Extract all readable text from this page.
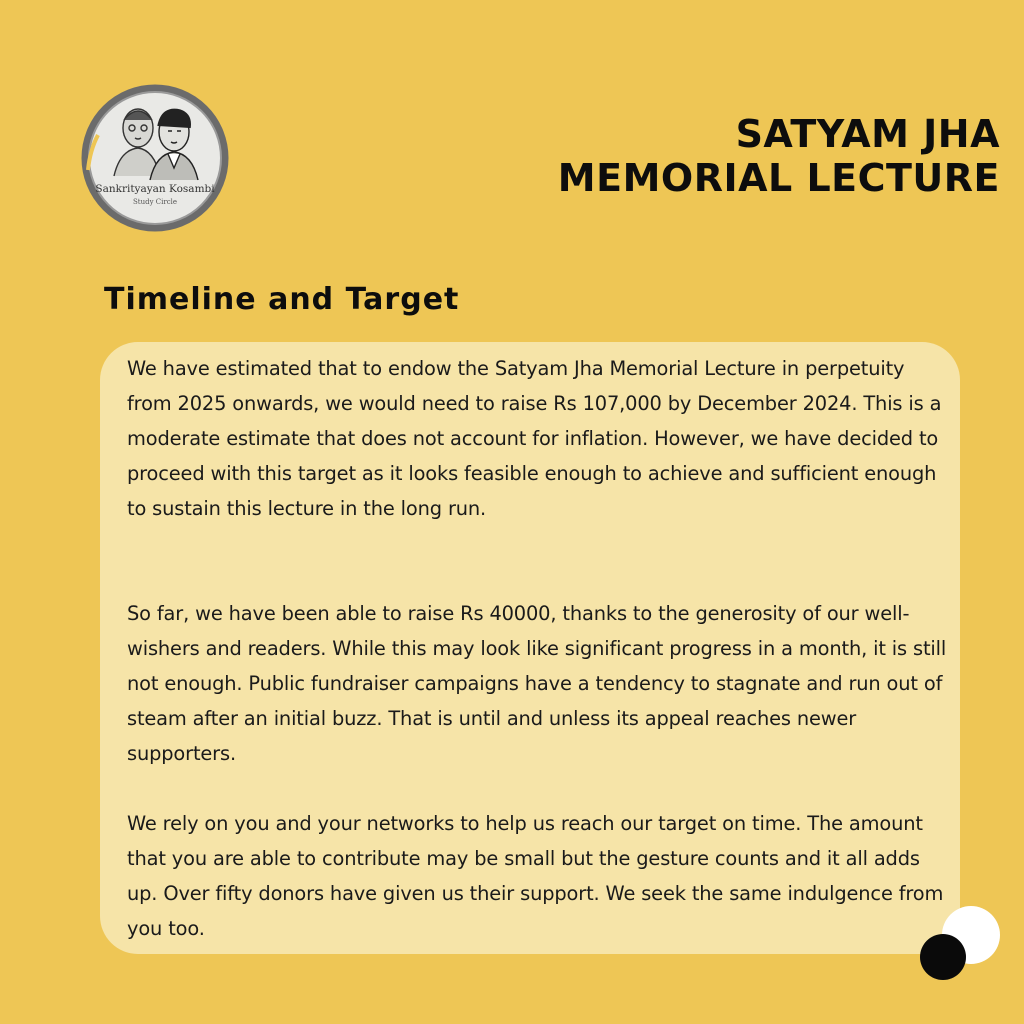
Sankrityayan Kosambi
Study Circle
SATYAM JHA
MEMORIAL LECTURE
Timeline and Target
We have estimated that to endow the Satyam Jha Memorial Lecture in perpetuity from 2025 onwards, we would need to raise Rs 107,000 by December 2024. This is a moderate estimate that does not account for inflation. However, we have decided to proceed with this target as it looks feasible enough to achieve and sufficient enough to sustain this lecture in the long run.
So far, we have been able to raise Rs 40000, thanks to the generosity of our well-wishers and readers. While this may look like significant progress in a month, it is still not enough. Public fundraiser campaigns have a tendency to stagnate and run out of steam after an initial buzz. That is until and unless its appeal reaches newer supporters.
We rely on you and your networks to help us reach our target on time. The amount that you are able to contribute may be small but the gesture counts and it all adds up. Over fifty donors have given us their support. We seek the same indulgence from you too.
